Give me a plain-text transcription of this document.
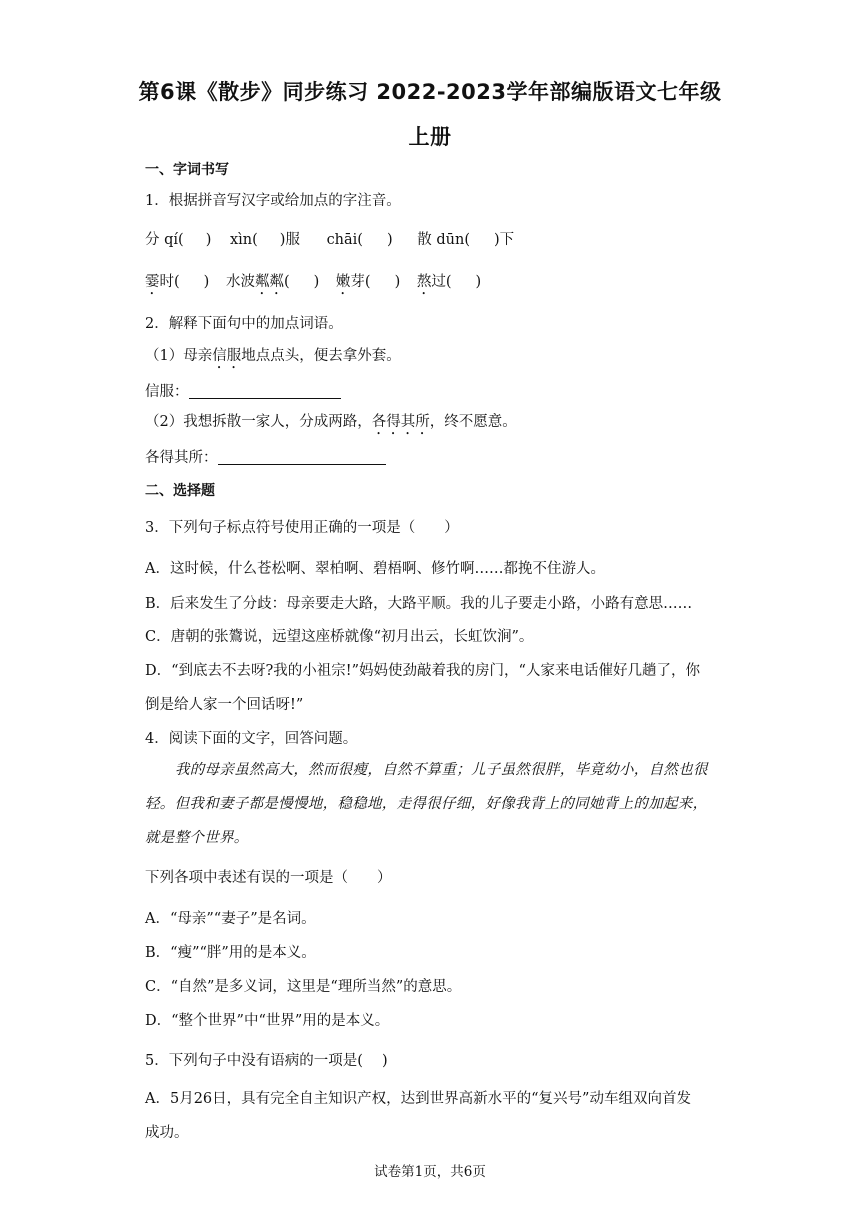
第6课《散步》同步练习 2022-2023学年部编版语文七年级
上册
一、字词书写
1．根据拼音写汉字或给加点的字注音。
分 qí( ) xìn( )服 chāi( ) 散 dūn( )下
霎时( ) 水波粼粼( ) 嫩芽( ) 熬过( )
2．解释下面句中的加点词语。
（1）母亲信服地点点头，便去拿外套。
信服：
（2）我想拆散一家人，分成两路，各得其所，终不愿意。
各得其所：
二、选择题
3．下列句子标点符号使用正确的一项是（　　）
A．这时候，什么苍松啊、翠柏啊、碧梧啊、修竹啊……都挽不住游人。
B．后来发生了分歧：母亲要走大路，大路平顺。我的儿子要走小路，小路有意思……
C．唐朝的张鷟说，远望这座桥就像“初月出云，长虹饮涧”。
D．“到底去不去呀?我的小祖宗!”妈妈使劲敲着我的房门，“人家来电话催好几趟了，你
倒是给人家一个回话呀!”
4．阅读下面的文字，回答问题。
我的母亲虽然高大，然而很瘦，自然不算重；儿子虽然很胖，毕竟幼小，自然也很轻。但我和妻子都是慢慢地，稳稳地，走得很仔细，好像我背上的同她背上的加起来，就是整个世界。
下列各项中表述有误的一项是（　　）
A．“母亲”“妻子”是名词。
B．“瘦”“胖”用的是本义。
C．“自然”是多义词，这里是“理所当然”的意思。
D．“整个世界”中“世界”用的是本义。
5．下列句子中没有语病的一项是(　 )
A．5月26日，具有完全自主知识产权，达到世界高新水平的“复兴号”动车组双向首发
成功。
试卷第1页，共6页
